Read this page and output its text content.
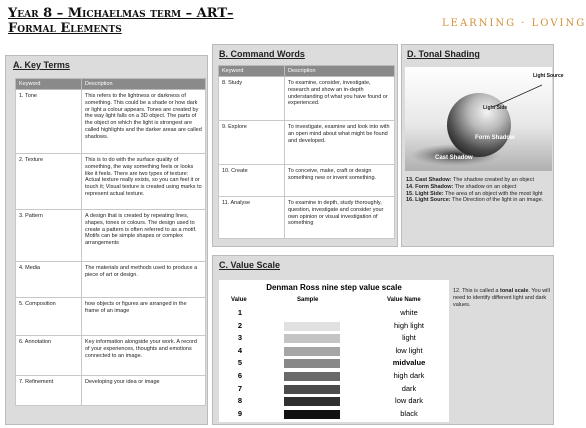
Year 8 – Michaelmas term – ART–
Formal Elements	LEARNING · LOVING
A. Key Terms
Keyword	Description
1. Tone	This refers to the lightness or darkness of something. This could be a shade or how dark or light a colour appears. Tones are created by the way light falls on a 3D object. The parts of the object on which the light is strongest are called highlights and the darker areas are called shadows.
2. Texture	This is to do with the surface quality of something, the way something feels or looks like it feels. There are two types of texture: Actual texture really exists, so you can feel it or touch it; Visual texture is created using marks to represent actual texture.
3. Pattern	A design that is created by repeating lines, shapes, tones or colours. The design used to create a pattern is often referred to as a motif. Motifs can be simple shapes or complex arrangements
4. Media	The materials and methods used to produce a piece of art or design.
5. Composition	how objects or figures are arranged in the frame of an image
6. Annotation	Key information alongside your work. A record of your experiences, thoughts and emotions connected to an image.
7. Refinement	Developing your idea or image
B. Command Words
Keyword	Description
8. Study	To examine, consider, investigate, research and show an in-depth understanding of what you have found or experienced.
9. Explore	To investigate, examine and look into with an open mind about what might be found and developed.
10. Create	To conceive, make, craft or design something new or invent something.
11. Analyse	To examine in depth, study thoroughly, question, investigate and consider your own opinion or visual investigation of something
D. Tonal Shading
Light Source
Light Side
Form Shadow
Cast Shadow
13. Cast Shadow: The shadow created by an object
14. Form Shadow: The shadow on an object
15. Light Side: The area of an object with the most light
16. Light Source: The Direction of the light in an image.
C. Value Scale
Denman Ross nine step value scale
Value	Sample	Value Name
1	white
2	high light
3	light
4	low light
5	midvalue
6	high dark
7	dark
8	low dark
9	black
12. This is called a tonal scale. You will need to identify different light and dark values.
